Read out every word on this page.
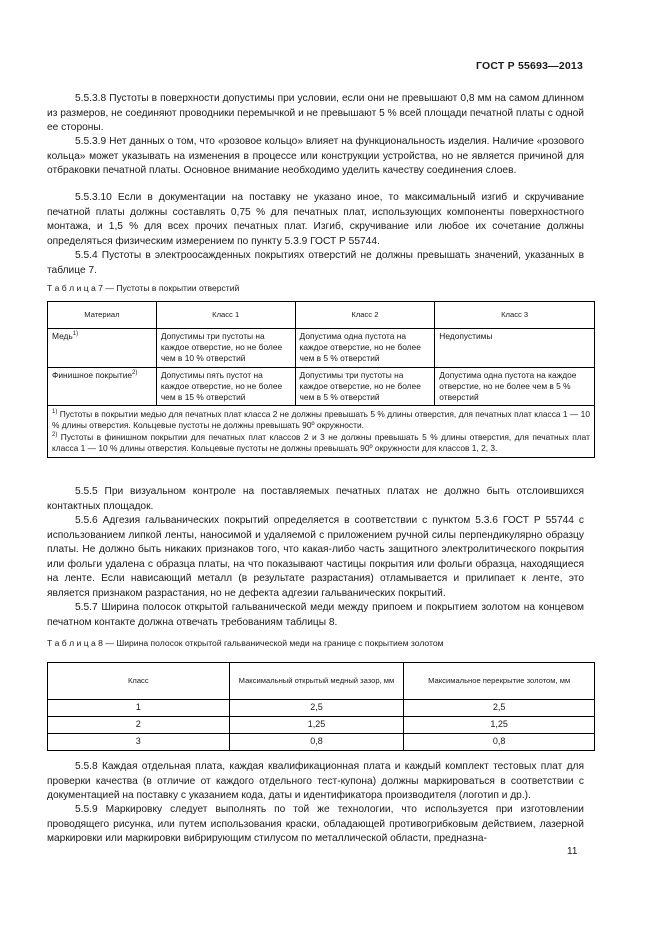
ГОСТ Р 55693—2013

5.5.3.8 Пустоты в поверхности допустимы при условии, если они не превышают 0,8 мм на самом длинном из размеров, не соединяют проводники перемычкой и не превышают 5 % всей площади печатной платы с одной ее стороны.

5.5.3.9 Нет данных о том, что «розовое кольцо» влияет на функциональность изделия. Наличие «розового кольца» может указывать на изменения в процессе или конструкции устройства, но не является причиной для отбраковки печатной платы. Основное внимание необходимо уделить качеству соединения слоев.

5.5.3.10 Если в документации на поставку не указано иное, то максимальный изгиб и скручивание печатной платы должны составлять 0,75 % для печатных плат, использующих компоненты поверхностного монтажа, и 1,5 % для всех прочих печатных плат. Изгиб, скручивание или любое их сочетание должны определяться физическим измерением по пункту 5.3.9 ГОСТ Р 55744.

5.5.4 Пустоты в электроосажденных покрытиях отверстий не должны превышать значений, указанных в таблице 7.

Т а б л и ц а 7 — Пустоты в покрытии отверстий

Материал	Класс 1	Класс 2	Класс 3
Медь$^{1)}$	Допустимы три пустоты на каждое отверстие, но не более чем в 10 % отверстий	Допустима одна пустота на каждое отверстие, но не более чем в 5 % отверстий	Недопустимы
Финишное покрытие$^{2)}$	Допустимы пять пустот на каждое отверстие, но не более чем в 15 % отверстий	Допустимы три пустоты на каждое отверстие, но не более чем в 5 % отверстий	Допустима одна пустота на каждое отверстие, но не более чем в 5 % отверстий

$^{1)}$ Пустоты в покрытии медью для печатных плат класса 2 не должны превышать 5 % длины отверстия, для печатных плат класса 1 — 10 % длины отверстия. Кольцевые пустоты не должны превышать 90º окружности.
$^{2)}$ Пустоты в финишном покрытии для печатных плат классов 2 и 3 не должны превышать 5 % длины отверстия, для печатных плат класса 1 — 10 % длины отверстия. Кольцевые пустоты не должны превышать 90º окружности для классов 1, 2, 3.			

5.5.5 При визуальном контроле на поставляемых печатных платах не должно быть отслоившихся контактных площадок.

5.5.6 Адгезия гальванических покрытий определяется в соответствии с пунктом 5.3.6 ГОСТ Р 55744 с использованием липкой ленты, наносимой и удаляемой с приложением ручной силы перпендикулярно образцу платы. Не должно быть никаких признаков того, что какая-либо часть защитного электролитического покрытия или фольги удалена с образца платы, на что показывают частицы покрытия или фольги образца, находящиеся на ленте. Если нависающий металл (в результате разрастания) отламывается и прилипает к ленте, это является признаком разрастания, но не дефекта адгезии гальванических покрытий.

5.5.7 Ширина полосок открытой гальванической меди между припоем и покрытием золотом на концевом печатном контакте должна отвечать требованиям таблицы 8.

Т а б л и ц а 8 — Ширина полосок открытой гальванической меди на границе с покрытием золотом

Класс	Максимальный открытый медный зазор, мм	Максимальное перекрытие золотом, мм
1	2,5	2,5
2	1,25	1,25
3	0,8	0,8

5.5.8 Каждая отдельная плата, каждая квалификационная плата и каждый комплект тестовых плат для проверки качества (в отличие от каждого отдельного тест-купона) должны маркироваться в соответствии с документацией на поставку с указанием кода, даты и идентификатора производителя (логотип и др.).

5.5.9 Маркировку следует выполнять по той же технологии, что используется при изготовлении проводящего рисунка, или путем использования краски, обладающей противогрибковым действием, лазерной маркировки или маркировки вибрирующим стилусом по металлической области, предназна-

11
